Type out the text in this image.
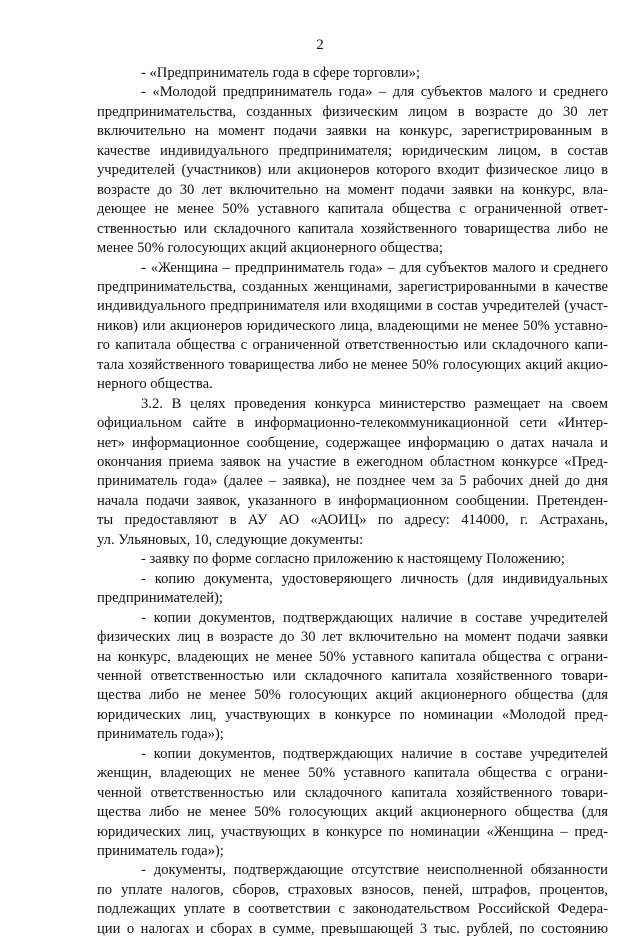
2
- «Предприниматель года в сфере торговли»;
- «Молодой предприниматель года» – для субъектов малого и среднего
предпринимательства, созданных физическим лицом в возрасте до 30 лет
включительно на момент подачи заявки на конкурс, зарегистрированным в
качестве индивидуального предпринимателя; юридическим лицом, в состав
учредителей (участников) или акционеров которого входит физическое лицо в
возрасте до 30 лет включительно на момент подачи заявки на конкурс, вла-
деющее не менее 50% уставного капитала общества с ограниченной ответ-
ственностью или складочного капитала хозяйственного товарищества либо не
менее 50% голосующих акций акционерного общества;
- «Женщина – предприниматель года» – для субъектов малого и среднего
предпринимательства, созданных женщинами, зарегистрированными в качестве
индивидуального предпринимателя или входящими в состав учредителей (участ-
ников) или акционеров юридического лица, владеющими не менее 50% уставно-
го капитала общества с ограниченной ответственностью или складочного капи-
тала хозяйственного товарищества либо не менее 50% голосующих акций акцио-
нерного общества.
3.2. В целях проведения конкурса министерство размещает на своем
официальном сайте в информационно-телекоммуникационной сети «Интер-
нет» информационное сообщение, содержащее информацию о датах начала и
окончания приема заявок на участие в ежегодном областном конкурсе «Пред-
приниматель года» (далее – заявка), не позднее чем за 5 рабочих дней до дня
начала подачи заявок, указанного в информационном сообщении. Претенден-
ты предоставляют в АУ АО «АОИЦ» по адресу: 414000, г. Астрахань,
ул. Ульяновых, 10, следующие документы:
- заявку по форме согласно приложению к настоящему Положению;
- копию документа, удостоверяющего личность (для индивидуальных
предпринимателей);
- копии документов, подтверждающих наличие в составе учредителей
физических лиц в возрасте до 30 лет включительно на момент подачи заявки
на конкурс, владеющих не менее 50% уставного капитала общества с ограни-
ченной ответственностью или складочного капитала хозяйственного товари-
щества либо не менее 50% голосующих акций акционерного общества (для
юридических лиц, участвующих в конкурсе по номинации «Молодой пред-
приниматель года»);
- копии документов, подтверждающих наличие в составе учредителей
женщин, владеющих не менее 50% уставного капитала общества с ограни-
ченной ответственностью или складочного капитала хозяйственного товари-
щества либо не менее 50% голосующих акций акционерного общества (для
юридических лиц, участвующих в конкурсе по номинации «Женщина – пред-
приниматель года»);
- документы, подтверждающие отсутствие неисполненной обязанности
по уплате налогов, сборов, страховых взносов, пеней, штрафов, процентов,
подлежащих уплате в соответствии с законодательством Российской Федера-
ции о налогах и сборах в сумме, превышающей 3 тыс. рублей, по состоянию
